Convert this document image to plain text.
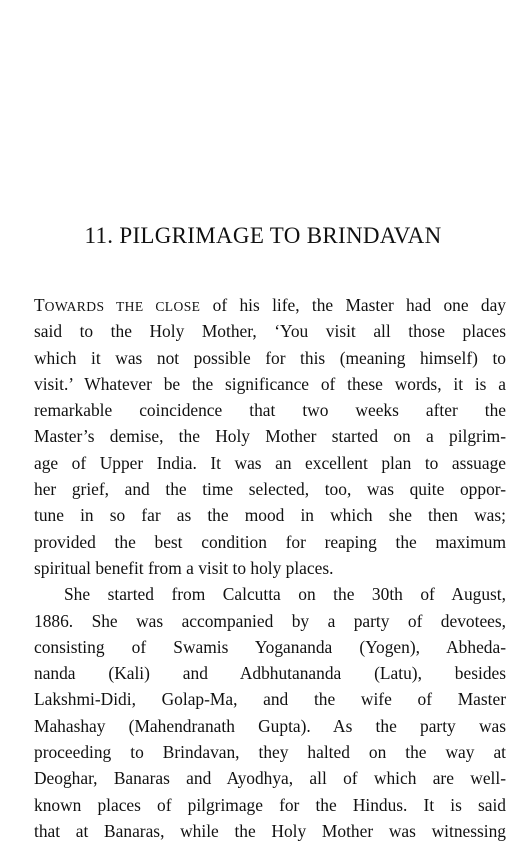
11. PILGRIMAGE TO BRINDAVAN
TOWARDS THE CLOSE of his life, the Master had one day
said to the Holy Mother, ‘You visit all those places
which it was not possible for this (meaning himself) to
visit.’ Whatever be the significance of these words, it is a
remarkable coincidence that two weeks after the
Master’s demise, the Holy Mother started on a pilgrim-
age of Upper India. It was an excellent plan to assuage
her grief, and the time selected, too, was quite oppor-
tune in so far as the mood in which she then was;
provided the best condition for reaping the maximum
spiritual benefit from a visit to holy places.
She started from Calcutta on the 30th of August,
1886. She was accompanied by a party of devotees,
consisting of Swamis Yogananda (Yogen), Abheda-
nanda (Kali) and Adbhutananda (Latu), besides
Lakshmi-Didi, Golap-Ma, and the wife of Master
Mahashay (Mahendranath Gupta). As the party was
proceeding to Brindavan, they halted on the way at
Deoghar, Banaras and Ayodhya, all of which are well-
known places of pilgrimage for the Hindus. It is said
that at Banaras, while the Holy Mother was witnessing
